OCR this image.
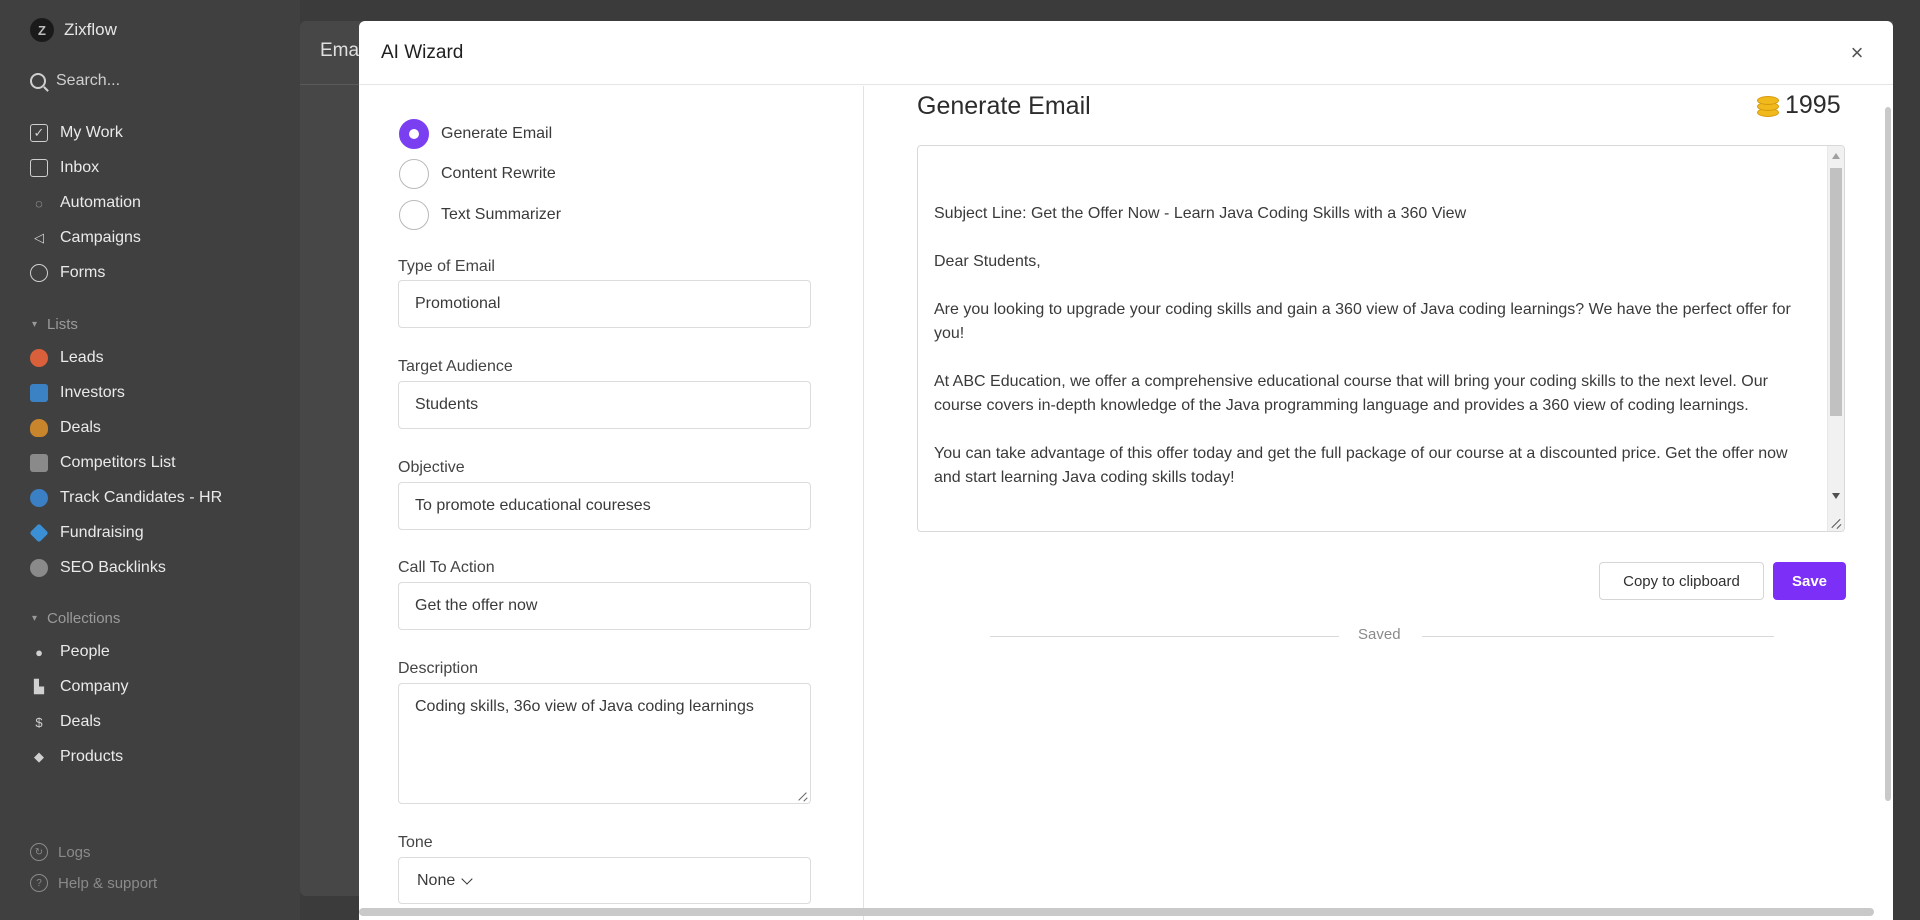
Z	Zixflow
Search...
✓ My Work
Inbox
◌	Automation
◁ Campaigns
Forms
▾ Lists
Leads
Investors
Deals
Competitors List
Track Candidates - HR
Fundraising
SEO Backlinks
▾ Collections
●	People
▙ Company
$	Deals
◆ Products
↻ Logs
?	Help & support
Ema AI Wizard	×
Generate Email
Content Rewrite
Text Summarizer
Type of Email
Promotional
Target Audience
Students
Objective
To promote educational coureses
Call To Action
Get the offer now
Description
Coding skills, 36o view of Java coding learnings
Tone
None
Generate Email	1995
Subject Line: Get the Offer Now - Learn Java Coding Skills with a 360 View

Dear Students,

Are you looking to upgrade your coding skills and gain a 360 view of Java coding learnings? We have the perfect offer for you!

At ABC Education, we offer a comprehensive educational course that will bring your coding skills to the next level. Our course covers in-depth knowledge of the Java programming language and provides a 360 view of coding learnings.

You can take advantage of this offer today and get the full package of our course at a discounted price. Get the offer now and start learning Java coding skills today!
Copy to clipboard	Save
Saved
